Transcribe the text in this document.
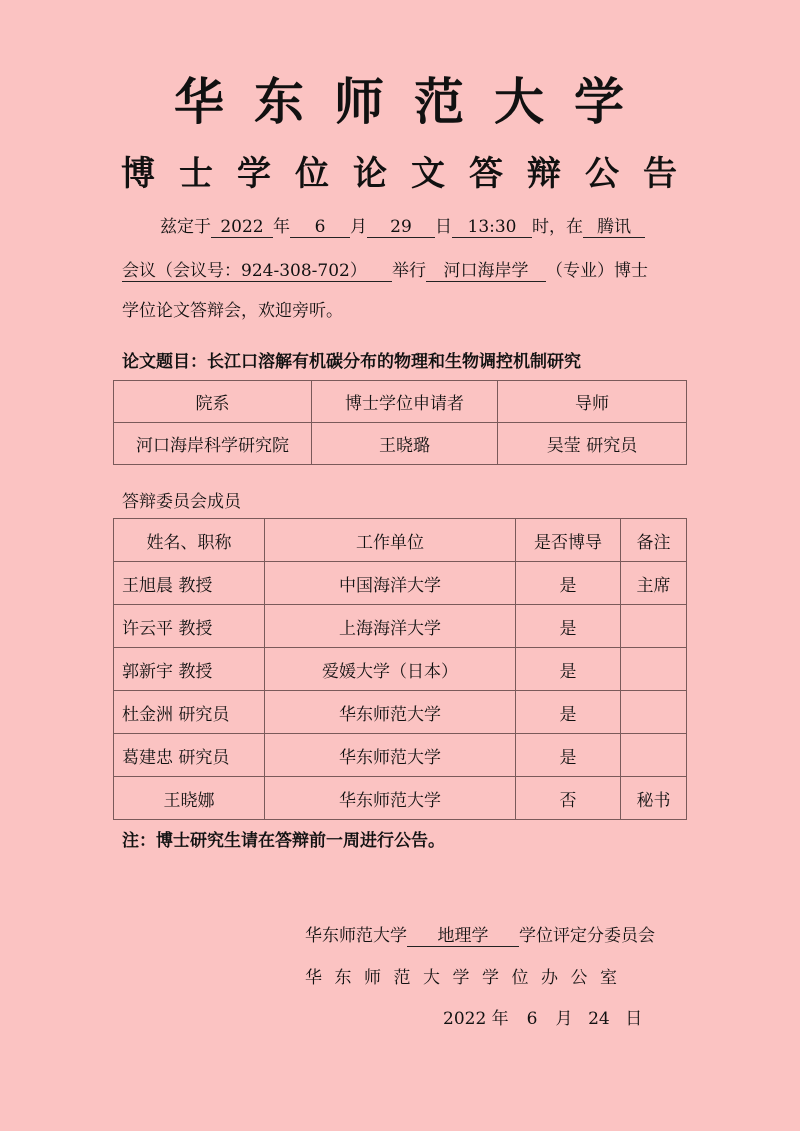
华东师范大学
博士学位论文答辩公告
兹定于 2022 年 6 月 29 日 13:30 时，在 腾讯
会议（会议号：924-308-702） 举行 河口海岸学 （专业）博士
学位论文答辩会，欢迎旁听。
论文题目：长江口溶解有机碳分布的物理和生物调控机制研究
院系	博士学位申请者	导师
河口海岸科学研究院	王晓璐	吴莹 研究员
答辩委员会成员
姓名、职称	工作单位	是否博导	备注
王旭晨 教授	中国海洋大学	是	主席
许云平 教授	上海海洋大学	是	
郭新宇 教授	爱媛大学（日本）	是	
杜金洲 研究员	华东师范大学	是	
葛建忠 研究员	华东师范大学	是	
王晓娜	华东师范大学	否	秘书
注：博士研究生请在答辩前一周进行公告。
华东师范大学 地理学 学位评定分委员会
华东师范大学学位办公室
2022 年 6 月 24 日
